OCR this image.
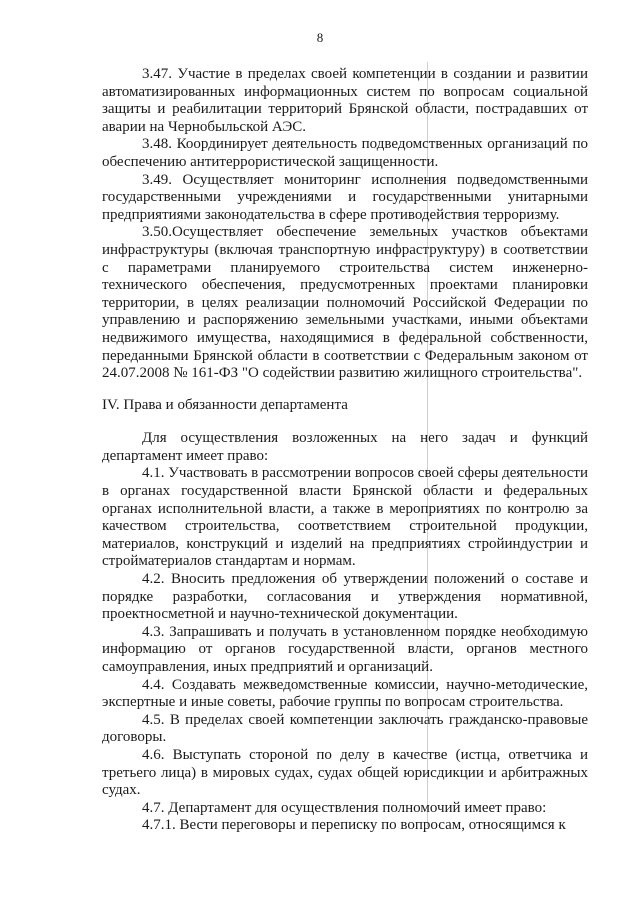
8

3.47. Участие в пределах своей компетенции в создании и развитии автоматизированных информационных систем по вопросам социальной защиты и реабилитации территорий Брянской области, пострадавших от аварии на Чернобыльской АЭС.

3.48. Координирует деятельность подведомственных организаций по обеспечению антитеррористической защищенности.

3.49. Осуществляет мониторинг исполнения подведомственными государственными учреждениями и государственными унитарными предприятиями законодательства в сфере противодействия терроризму.

3.50.Осуществляет обеспечение земельных участков объектами инфраструктуры (включая транспортную инфраструктуру) в соответствии с параметрами планируемого строительства систем инженерно-технического обеспечения, предусмотренных проектами планировки территории, в целях реализации полномочий Российской Федерации по управлению и распоряжению земельными участками, иными объектами недвижимого имущества, находящимися в федеральной собственности, переданными Брянской области в соответствии с Федеральным законом от 24.07.2008 № 161-ФЗ "О содействии развитию жилищного строительства".

IV. Права и обязанности департамента

Для осуществления возложенных на него задач и функций департамент имеет право:

4.1. Участвовать в рассмотрении вопросов своей сферы деятельности в органах государственной власти Брянской области и федеральных органах исполнительной власти, а также в мероприятиях по контролю за качеством строительства, соответствием строительной продукции, материалов, конструкций и изделий на предприятиях стройиндустрии и стройматериалов стандартам и нормам.

4.2. Вносить предложения об утверждении положений о составе и порядке разработки, согласования и утверждения нормативной, проектносметной и научно-технической документации.

4.3. Запрашивать и получать в установленном порядке необходимую информацию от органов государственной власти, органов местного самоуправления, иных предприятий и организаций.

4.4. Создавать межведомственные комиссии, научно-методические, экспертные и иные советы, рабочие группы по вопросам строительства.

4.5. В пределах своей компетенции заключать гражданско-правовые договоры.

4.6. Выступать стороной по делу в качестве (истца, ответчика и третьего лица) в мировых судах, судах общей юрисдикции и арбитражных судах.

4.7. Департамент для осуществления полномочий имеет право:

4.7.1. Вести переговоры и переписку по вопросам, относящимся к
